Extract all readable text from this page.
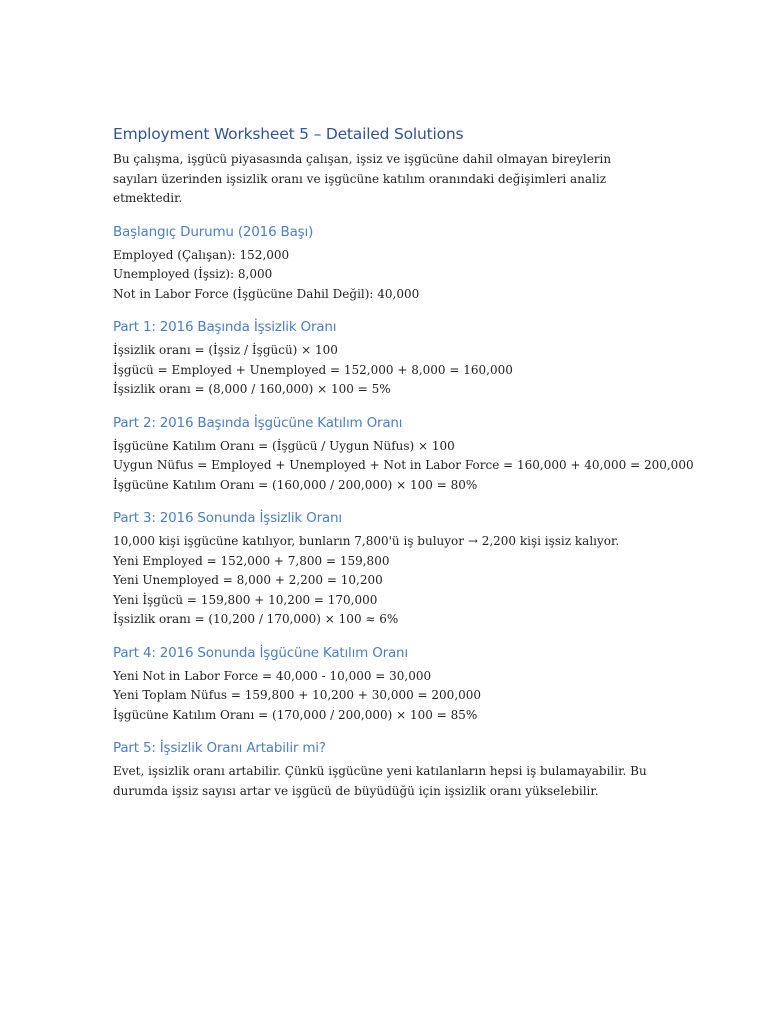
Employment Worksheet 5 – Detailed Solutions

Bu çalışma, işgücü piyasasında çalışan, işsiz ve işgücüne dahil olmayan bireylerin sayıları üzerinden işsizlik oranı ve işgücüne katılım oranındaki değişimleri analiz etmektedir.

Başlangıç Durumu (2016 Başı)
Employed (Çalışan): 152,000
Unemployed (İşsiz): 8,000
Not in Labor Force (İşgücüne Dahil Değil): 40,000
Part 1: 2016 Başında İşsizlik Oranı
İşsizlik oranı = (İşsiz / İşgücü) × 100
İşgücü = Employed + Unemployed = 152,000 + 8,000 = 160,000
İşsizlik oranı = (8,000 / 160,000) × 100 = 5%
Part 2: 2016 Başında İşgücüne Katılım Oranı
İşgücüne Katılım Oranı = (İşgücü / Uygun Nüfus) × 100
Uygun Nüfus = Employed + Unemployed + Not in Labor Force = 160,000 + 40,000 = 200,000
İşgücüne Katılım Oranı = (160,000 / 200,000) × 100 = 80%
Part 3: 2016 Sonunda İşsizlik Oranı
10,000 kişi işgücüne katılıyor, bunların 7,800'ü iş buluyor → 2,200 kişi işsiz kalıyor.
Yeni Employed = 152,000 + 7,800 = 159,800
Yeni Unemployed = 8,000 + 2,200 = 10,200
Yeni İşgücü = 159,800 + 10,200 = 170,000
İşsizlik oranı = (10,200 / 170,000) × 100 ≈ 6%
Part 4: 2016 Sonunda İşgücüne Katılım Oranı
Yeni Not in Labor Force = 40,000 - 10,000 = 30,000
Yeni Toplam Nüfus = 159,800 + 10,200 + 30,000 = 200,000
İşgücüne Katılım Oranı = (170,000 / 200,000) × 100 = 85%
Part 5: İşsizlik Oranı Artabilir mi?

Evet, işsizlik oranı artabilir. Çünkü işgücüne yeni katılanların hepsi iş bulamayabilir. Bu durumda işsiz sayısı artar ve işgücü de büyüdüğü için işsizlik oranı yükselebilir.
